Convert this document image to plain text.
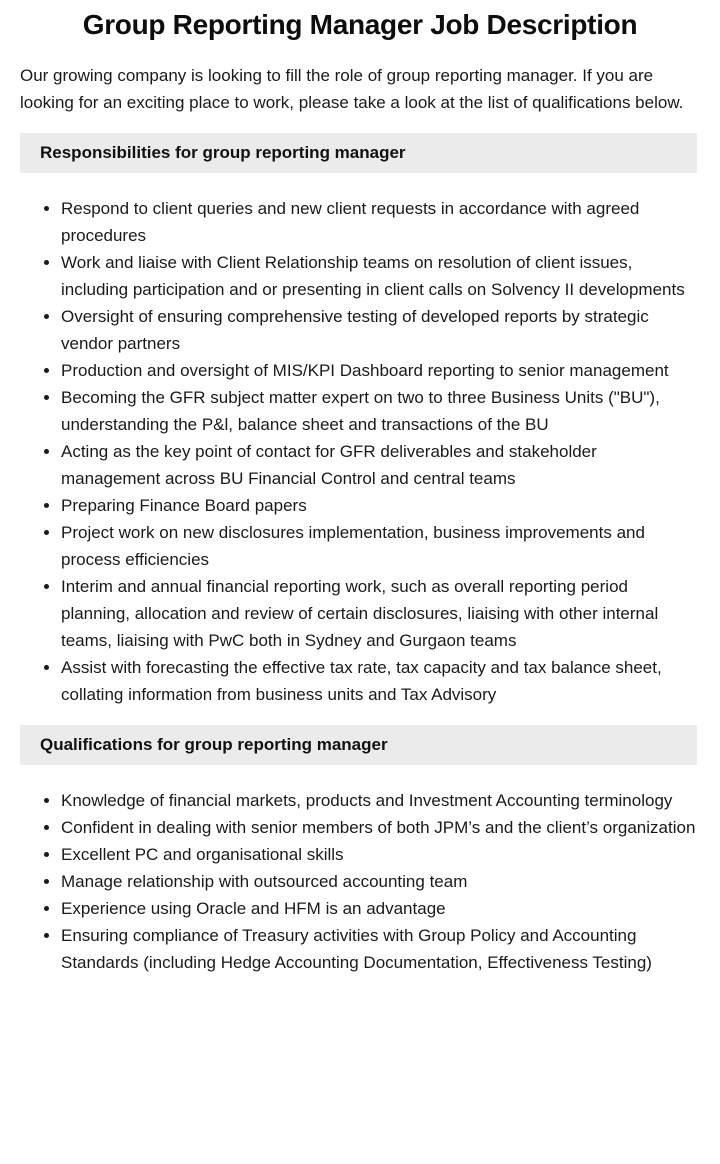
Group Reporting Manager Job Description

Our growing company is looking to fill the role of group reporting manager. If you are looking for an exciting place to work, please take a look at the list of qualifications below.

Responsibilities for group reporting manager
• Respond to client queries and new client requests in accordance with agreed procedures
• Work and liaise with Client Relationship teams on resolution of client issues, including participation and or presenting in client calls on Solvency II developments
• Oversight of ensuring comprehensive testing of developed reports by strategic vendor partners
• Production and oversight of MIS/KPI Dashboard reporting to senior management
• Becoming the GFR subject matter expert on two to three Business Units ("BU"), understanding the P&l, balance sheet and transactions of the BU
• Acting as the key point of contact for GFR deliverables and stakeholder management across BU Financial Control and central teams
• Preparing Finance Board papers
• Project work on new disclosures implementation, business improvements and process efficiencies
• Interim and annual financial reporting work, such as overall reporting period planning, allocation and review of certain disclosures, liaising with other internal teams, liaising with PwC both in Sydney and Gurgaon teams
• Assist with forecasting the effective tax rate, tax capacity and tax balance sheet, collating information from business units and Tax Advisory
Qualifications for group reporting manager
• Knowledge of financial markets, products and Investment Accounting terminology
• Confident in dealing with senior members of both JPM’s and the client’s organization
• Excellent PC and organisational skills
• Manage relationship with outsourced accounting team
• Experience using Oracle and HFM is an advantage
• Ensuring compliance of Treasury activities with Group Policy and Accounting Standards (including Hedge Accounting Documentation, Effectiveness Testing)
